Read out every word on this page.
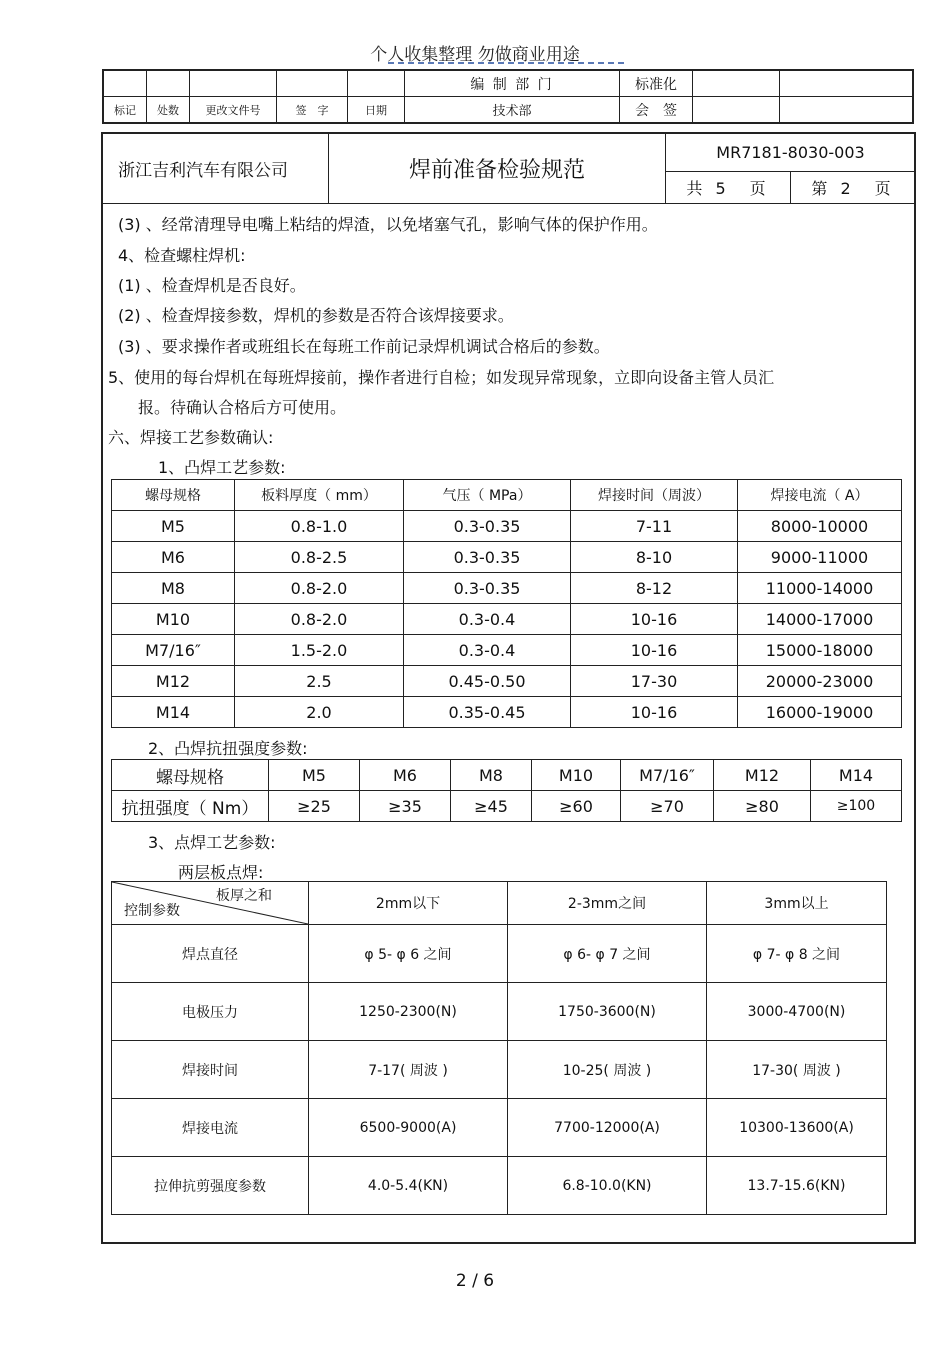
个人收集整理 勿做商业用途
					编 制 部 门	标准化		
标记	处数	更改文件号	签　字	日期	技术部	会　签		
浙江吉利汽车有限公司	焊前准备检验规范	MR7181-8030-003	
		共 5　页	第 2　页
(3) 、经常清理导电嘴上粘结的焊渣，以免堵塞气孔，影响气体的保护作用。
4、检查螺柱焊机:
(1) 、检查焊机是否良好。
(2) 、检查焊接参数，焊机的参数是否符合该焊接要求。
(3) 、要求操作者或班组长在每班工作前记录焊机调试合格后的参数。
5、使用的每台焊机在每班焊接前，操作者进行自检；如发现异常现象，立即向设备主管人员汇
报。待确认合格后方可使用。
六、焊接工艺参数确认:
1、凸焊工艺参数:
螺母规格	板料厚度（ mm）	气压（ MPa）	焊接时间（周波）	焊接电流（ A）
M5	0.8-1.0	0.3-0.35	7-11	8000-10000
M6	0.8-2.5	0.3-0.35	8-10	9000-11000
M8	0.8-2.0	0.3-0.35	8-12	11000-14000
M10	0.8-2.0	0.3-0.4	10-16	14000-17000
M7/16″	1.5-2.0	0.3-0.4	10-16	15000-18000
M12	2.5	0.45-0.50	17-30	20000-23000
M14	2.0	0.35-0.45	10-16	16000-19000
2、凸焊抗扭强度参数:
螺母规格	M5	M6	M8	M10	M7/16″	M12	M14
抗扭强度（ Nm）	≥25	≥35	≥45	≥60	≥70	≥80	≥100
3、点焊工艺参数:
两层板点焊:
板厚之和
控制参数	2mm以下	2-3mm之间	3mm以上
焊点直径	φ 5- φ 6 之间	φ 6- φ 7 之间	φ 7- φ 8 之间
电极压力	1250-2300(N)	1750-3600(N)	3000-4700(N)
焊接时间	7-17( 周波 )	10-25( 周波 )	17-30( 周波 )
焊接电流	6500-9000(A)	7700-12000(A)	10300-13600(A)
拉伸抗剪强度参数	4.0-5.4(KN)	6.8-10.0(KN)	13.7-15.6(KN)
2 / 6
